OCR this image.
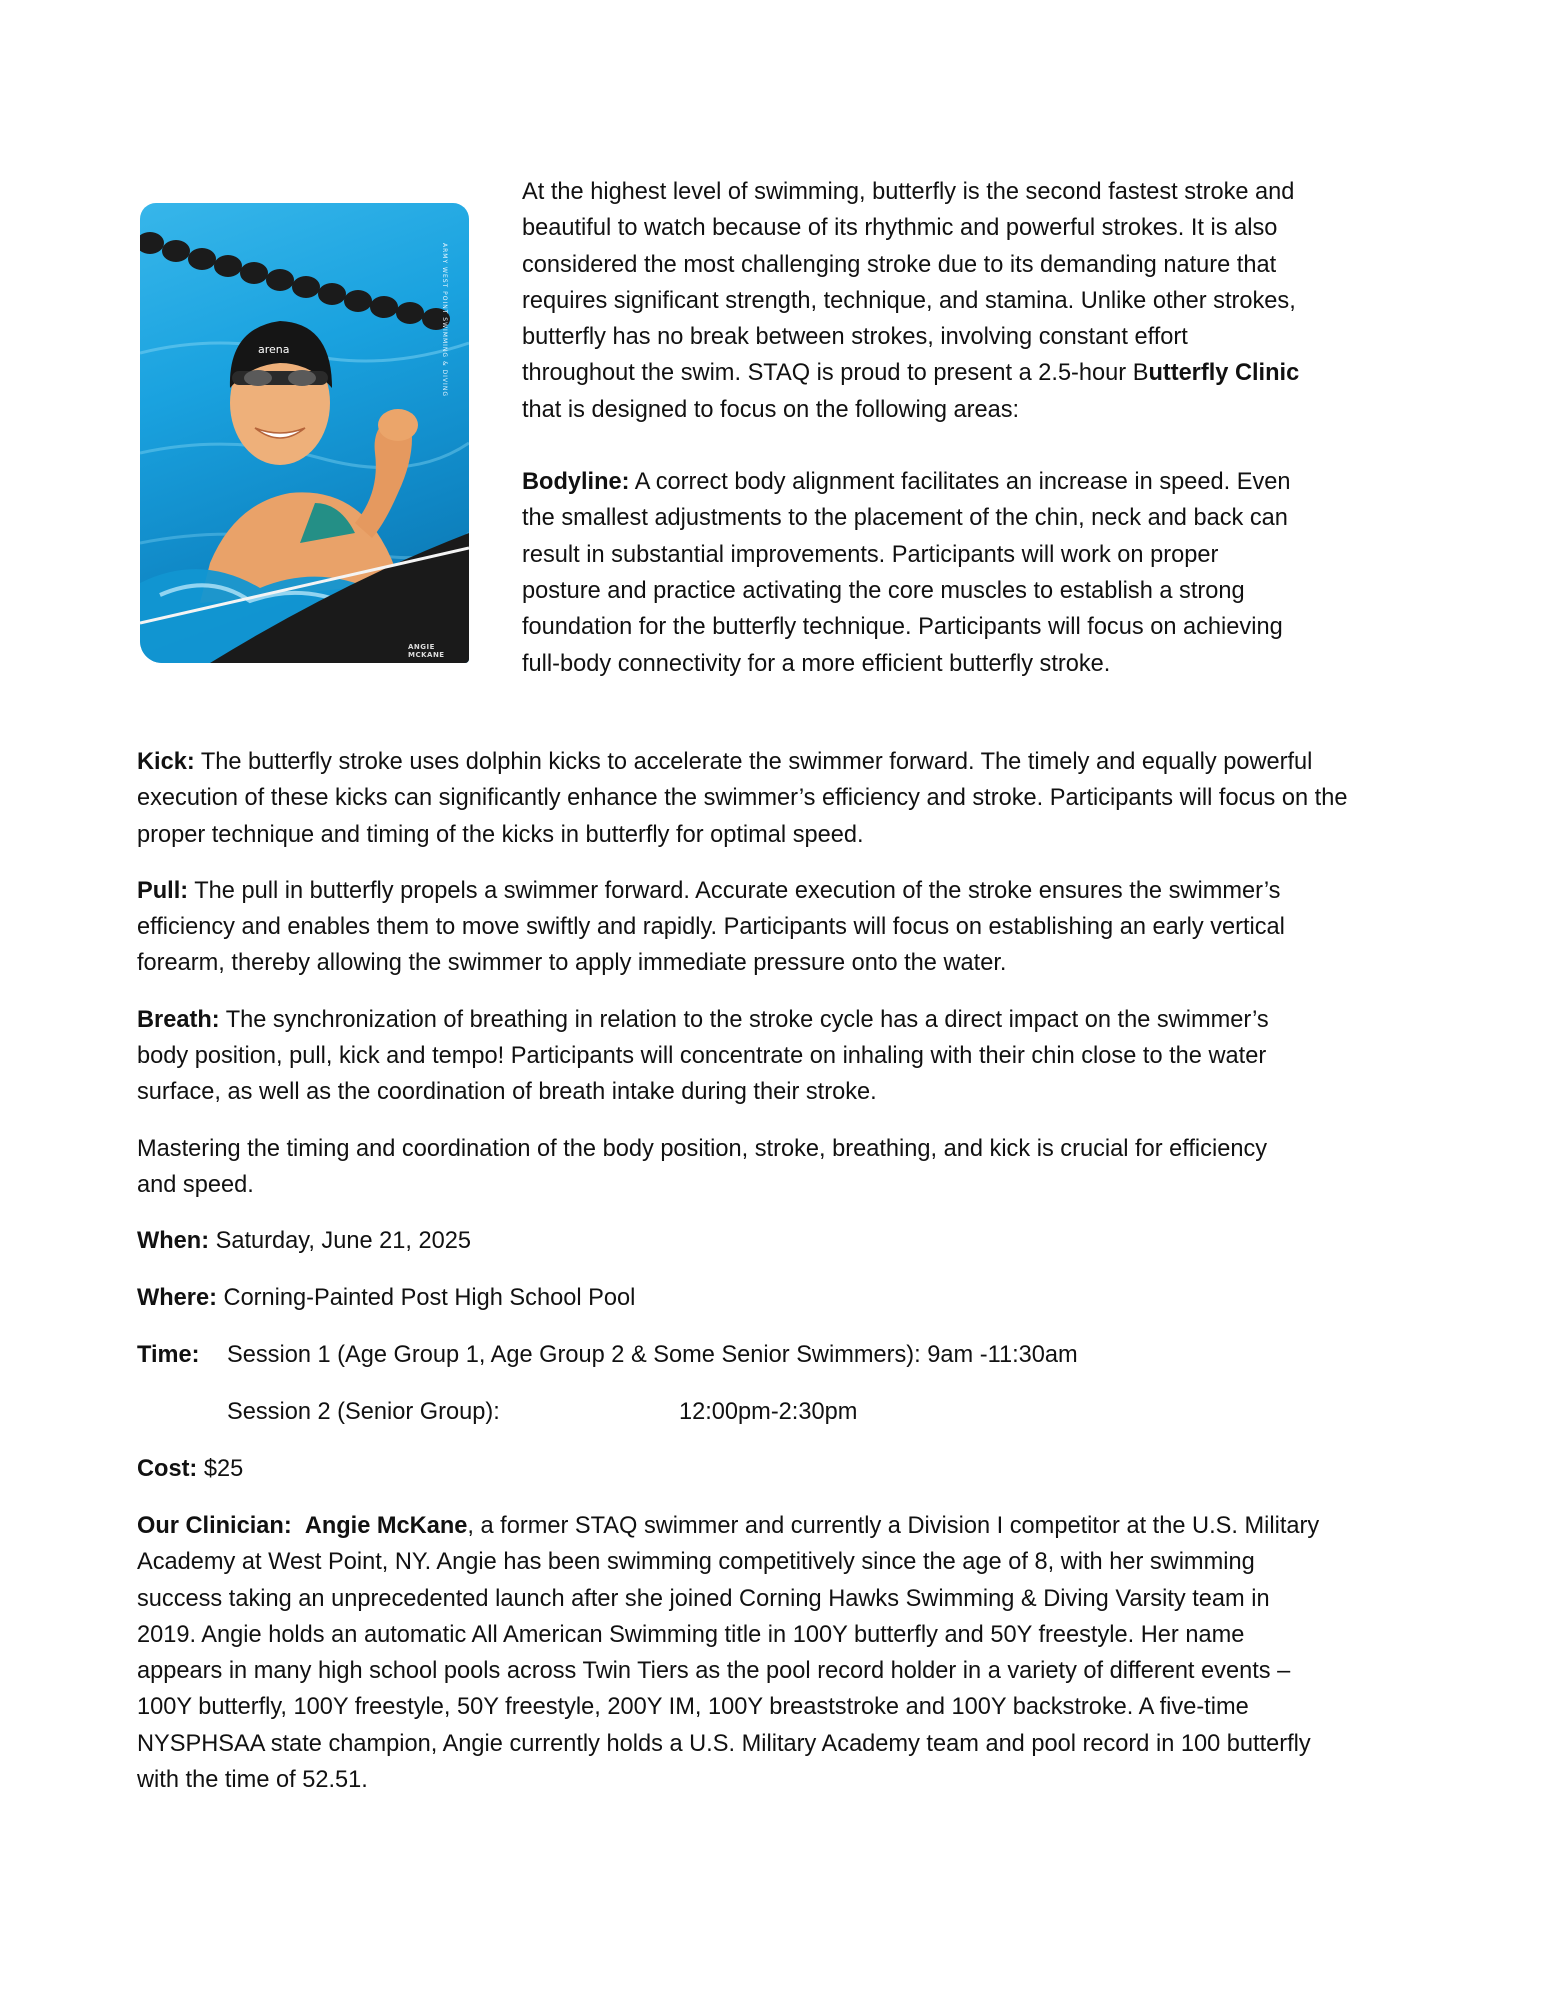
arena	ARMY WEST POINT SWIMMING & DIVING
ANGIE MCKANE

At the highest level of swimming, butterfly is the second fastest stroke and

beautiful to watch because of its rhythmic and powerful strokes. It is also

considered the most challenging stroke due to its demanding nature that

requires significant strength, technique, and stamina. Unlike other strokes,

butterfly has no break between strokes, involving constant effort

throughout the swim. STAQ is proud to present a 2.5-hour Butterfly Clinic

that is designed to focus on the following areas:

Bodyline: A correct body alignment facilitates an increase in speed. Even

the smallest adjustments to the placement of the chin, neck and back can

result in substantial improvements. Participants will work on proper

posture and practice activating the core muscles to establish a strong

foundation for the butterfly technique. Participants will focus on achieving

full-body connectivity for a more efficient butterfly stroke.

Kick: The butterfly stroke uses dolphin kicks to accelerate the swimmer forward. The timely and equally powerful
execution of these kicks can significantly enhance the swimmer’s efficiency and stroke. Participants will focus on the
proper technique and timing of the kicks in butterfly for optimal speed.

Pull: The pull in butterfly propels a swimmer forward. Accurate execution of the stroke ensures the swimmer’s
efficiency and enables them to move swiftly and rapidly. Participants will focus on establishing an early vertical
forearm, thereby allowing the swimmer to apply immediate pressure onto the water.

Breath: The synchronization of breathing in relation to the stroke cycle has a direct impact on the swimmer’s
body position, pull, kick and tempo! Participants will concentrate on inhaling with their chin close to the water
surface, as well as the coordination of breath intake during their stroke.

Mastering the timing and coordination of the body position, stroke, breathing, and kick is crucial for efficiency
and speed.

When: Saturday, June 21, 2025
Where: Corning-Painted Post High School Pool
Time: Session 1 (Age Group 1, Age Group 2 & Some Senior Swimmers): 9am -11:30am
Session 2 (Senior Group):	12:00pm-2:30pm
Cost: $25
Our Clinician: Angie McKane, a former STAQ swimmer and currently a Division I competitor at the U.S. Military
Academy at West Point, NY. Angie has been swimming competitively since the age of 8, with her swimming
success taking an unprecedented launch after she joined Corning Hawks Swimming & Diving Varsity team in
2019. Angie holds an automatic All American Swimming title in 100Y butterfly and 50Y freestyle. Her name
appears in many high school pools across Twin Tiers as the pool record holder in a variety of different events –
100Y butterfly, 100Y freestyle, 50Y freestyle, 200Y IM, 100Y breaststroke and 100Y backstroke. A five-time
NYSPHSAA state champion, Angie currently holds a U.S. Military Academy team and pool record in 100 butterfly
with the time of 52.51.
